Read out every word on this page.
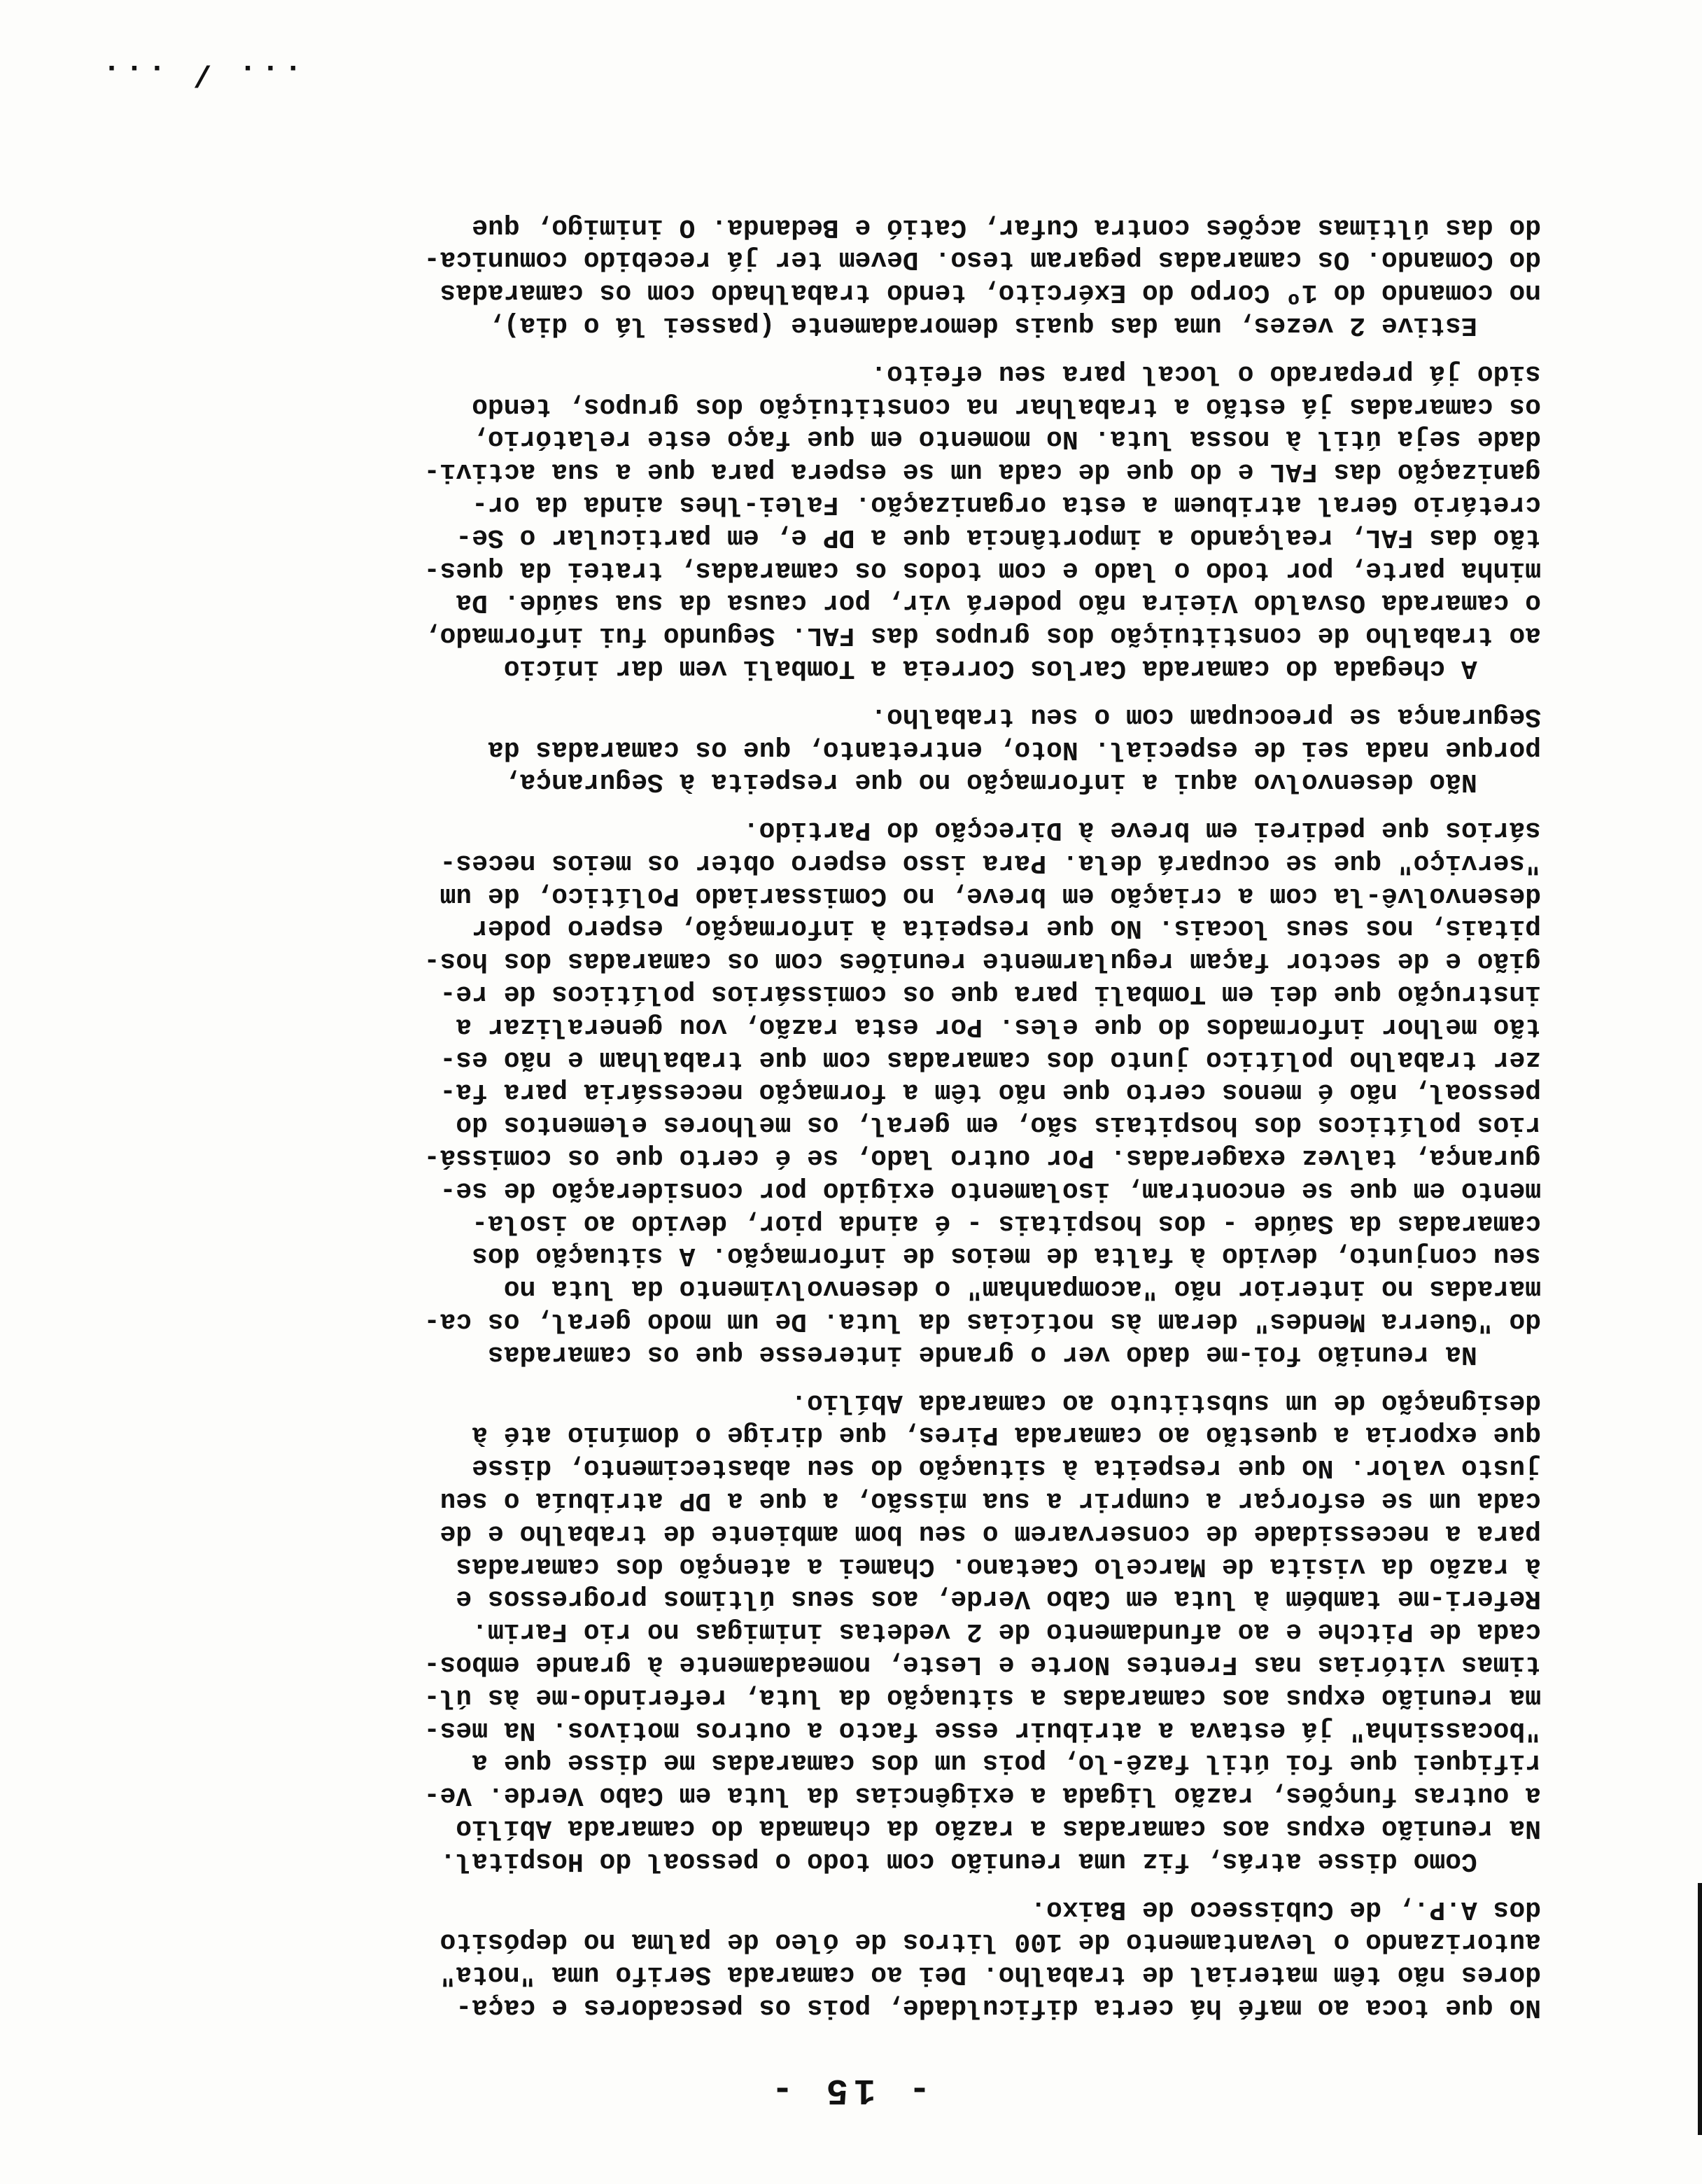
- 15 -
No que toca ao mafé há certa dificuldade, pois os pescadores e caça-
dores não têm material de trabalho. Dei ao camarada Serifo uma "nota"
autorizando o levantamento de 100 litros de óleo de palma no depósito
dos A.P., de Cubisseco de Baixo.
Como disse atrás, fiz uma reunião com todo o pessoal do Hospital.
Na reunião expus aos camaradas a razão da chamada do camarada Abílio
a outras funções, razão ligada a exigências da luta em Cabo Verde. Ve-
rifiquei que foi útil fazê-lo, pois um dos camaradas me disse que a
"bocassinha" já estava a atribuir esse facto a outros motivos. Na mes-
ma reunião expus aos camaradas a situação da luta, referindo-me às úl-
timas vitórias nas Frentes Norte e Leste, nomeadamente à grande embos-
cada de Pitche e ao afundamento de 2 vedetas inimigas no rio Farim.
Referi-me também à luta em Cabo Verde, aos seus últimos progressos e
à razão da visita de Marcelo Caetano. Chamei a atenção dos camaradas
para a necessidade de conservarem o seu bom ambiente de trabalho e de
cada um se esforçar a cumprir a sua missão, a que a DP atribuía o seu
justo valor. No que respeita à situação do seu abastecimento, disse
que exporia a questão ao camarada Pires, que dirige o domínio até à
designação de um substituto ao camarada Abílio.
Na reunião foi-me dado ver o grande interesse que os camaradas
do "Guerra Mendes" deram às notícias da luta. De um modo geral, os ca-
maradas no interior não "acompanham" o desenvolvimento da luta no
seu conjunto, devido à falta de meios de informação. A situação dos
camaradas da Saúde - dos hospitais - é ainda pior, devido ao isola-
mento em que se encontram, isolamento exigido por consideração de se-
gurança, talvez exageradas. Por outro lado, se é certo que os comissá-
rios políticos dos hospitais são, em geral, os melhores elementos do
pessoal, não é menos certo que não têm a formação necessária para fa-
zer trabalho político junto dos camaradas com que trabalham e não es-
tão melhor informados do que eles. Por esta razão, vou generalizar a
instrução que dei em Tombali para que os comissários políticos de re-
gião e de sector façam regularmente reuniões com os camaradas dos hos-
pitais, nos seus locais. No que respeita à informação, espero poder
desenvolvê-la com a criação em breve, no Comissariado Político, de um
"serviço" que se ocupará dela. Para isso espero obter os meios neces-
sários que pedirei em breve à Direcção do Partido.
Não desenvolvo aqui a informação no que respeita à Segurança,
porque nada sei de especial. Noto, entretanto, que os camaradas da
Segurança se preocupam com o seu trabalho.
A chegada do camarada Carlos Correia a Tombali vem dar início
ao trabalho de constituição dos grupos das FAL. Segundo fui informado,
o camarada Osvaldo Vieira não poderá vir, por causa da sua saúde. Da
minha parte, por todo o lado e com todos os camaradas, tratei da ques-
tão das FAL, realçando a importância que a DP e, em particular o Se-
cretário Geral atribuem a esta organização. Falei-lhes ainda da or-
ganização das FAL e do que de cada um se espera para que a sua activi-
dade seja útil à nossa luta. No momento em que faço este relatório,
os camaradas já estão a trabalhar na constituição dos grupos, tendo
sido já preparado o local para seu efeito.
Estive 2 vezes, uma das quais demoradamente (passei lá o dia),
no comando do 1º Corpo do Exército, tendo trabalhado com os camaradas
do Comando. Os camaradas pegaram teso. Devem ter já recebido comunica-
do das últimas acções contra Cufar, Catió e Bedanda. O inimigo, que
... / ...
